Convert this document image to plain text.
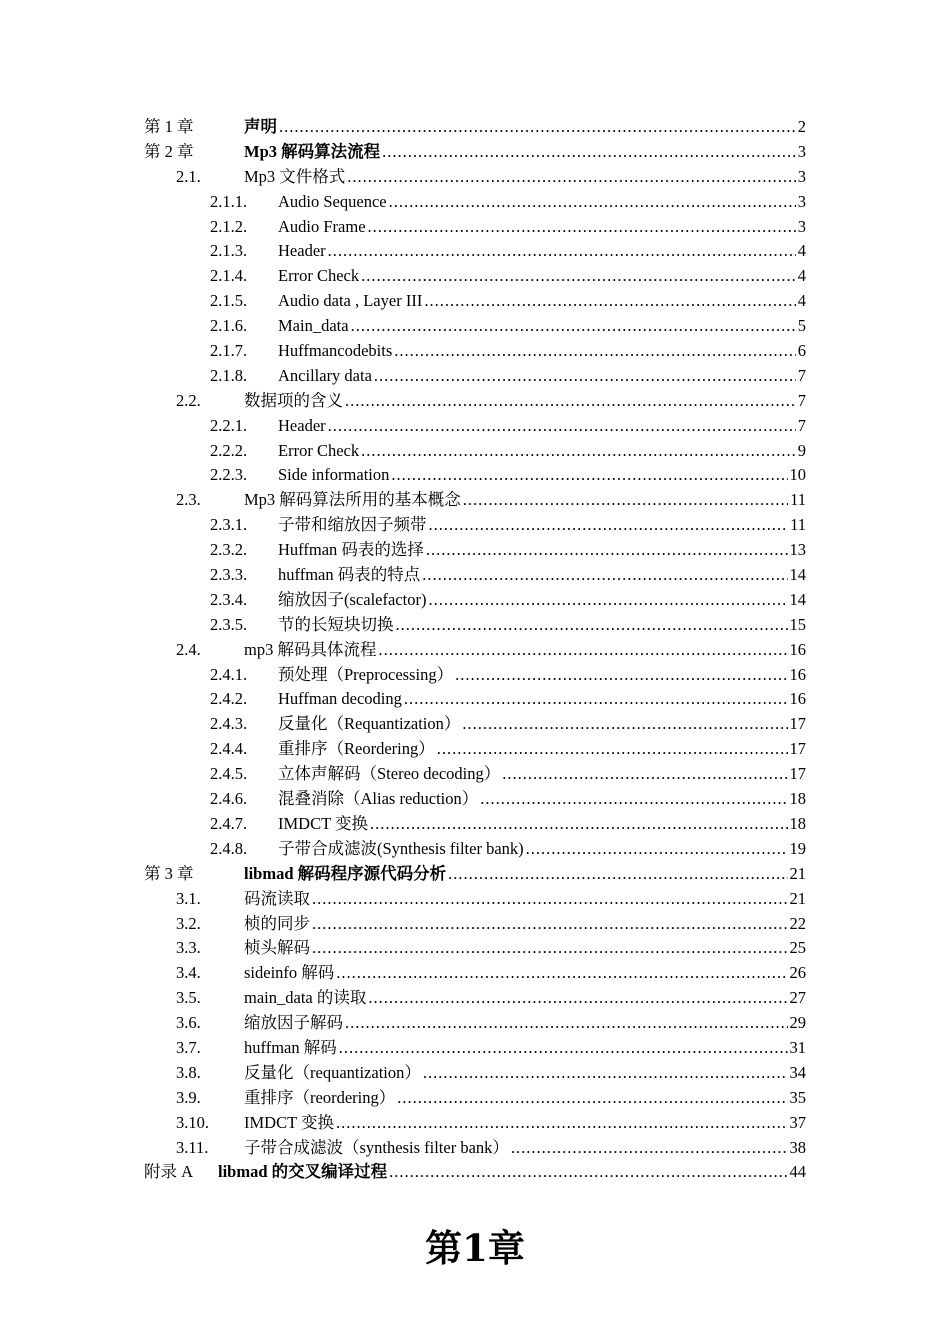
第 1 章	声明 .....	2
第 2 章	Mp3 解码算法流程 .....	3
2.1.	Mp3 文件格式 .....	3
2.1.1.	Audio Sequence .....	3
2.1.2.	Audio Frame .....	3
2.1.3.	Header .....	4
2.1.4.	Error Check .....	4
2.1.5.	Audio data , Layer III .....	4
2.1.6.	Main_data .....	5
2.1.7.	Huffmancodebits .....	6
2.1.8.	Ancillary data .....	7
2.2.	数据项的含义 .....	7
2.2.1.	Header .....	7
2.2.2.	Error Check .....	9
2.2.3.	Side information .....	10
2.3.	Mp3 解码算法所用的基本概念 .....	11
2.3.1.	子带和缩放因子频带 .....	11
2.3.2.	Huffman 码表的选择 .....	13
2.3.3.	huffman 码表的特点 .....	14
2.3.4.	缩放因子(scalefactor) .....	14
2.3.5.	节的长短块切换 .....	15
2.4.	mp3 解码具体流程 .....	16
2.4.1.	预处理（Preprocessing） .....	16
2.4.2.	Huffman decoding .....	16
2.4.3.	反量化（Requantization） .....	17
2.4.4.	重排序（Reordering） .....	17
2.4.5.	立体声解码（Stereo decoding） .....	17
2.4.6.	混叠消除（Alias reduction） .....	18
2.4.7.	IMDCT 变换 .....	18
2.4.8.	子带合成滤波(Synthesis filter bank) .....	19
第 3 章	libmad 解码程序源代码分析 .....	21
3.1.	码流读取 .....	21
3.2.	桢的同步 .....	22
3.3.	桢头解码 .....	25
3.4.	sideinfo 解码 .....	26
3.5.	main_data 的读取 .....	27
3.6.	缩放因子解码 .....	29
3.7.	huffman 解码 .....	31
3.8.	反量化（requantization） .....	34
3.9.	重排序（reordering） .....	35
3.10.	IMDCT 变换 .....	37
3.11.	子带合成滤波（synthesis filter bank） .....	38
附录 A	libmad 的交叉编译过程 .....	44
第1章
